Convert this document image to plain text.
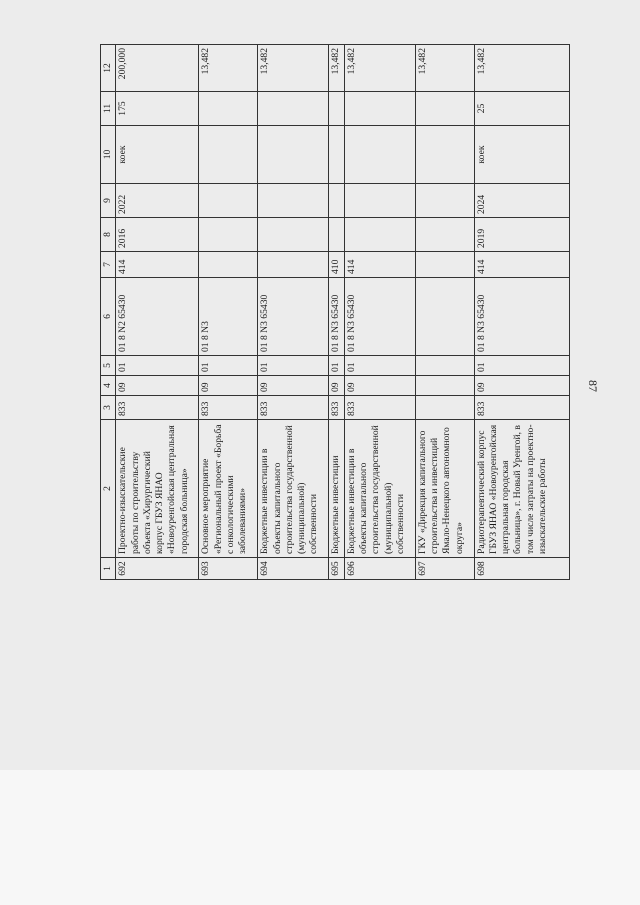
87
1	2	3	4	5	6	7	8	9	10	11	12
692	Проектно-изыскательские работы по строительству объекта «Хирургический корпус ГБУЗ ЯНАО «Новоуренгойская центральная городская больница»	833	09	01	01 8 N2 65430	414	2016	2022	коек	175	200,000
693	Основное мероприятие «Региональный проект «Борьба с онкологическими заболеваниями»	833	09	01	01 8 N3						13,482
694	Бюджетные инвестиции в объекты капитального строительства государственной (муниципальной) собственности	833	09	01	01 8 N3 65430						13,482
695	Бюджетные инвестиции	833	09	01	01 8 N3 65430	410					13,482
696	Бюджетные инвестиции в объекты капитального строительства государственной (муниципальной) собственности	833	09	01	01 8 N3 65430	414					13,482
697	ГКУ «Дирекция капитального строительства и инвестиций Ямало-Ненецкого автономного округа»										13,482
698	Радиотерапевтический корпус ГБУЗ ЯНАО «Новоуренгойская центральная городская больница», г. Новый Уренгой, в том числе затраты на проектно-изыскательские работы	833	09	01	01 8 N3 65430	414	2019	2024	коек	25	13,482
